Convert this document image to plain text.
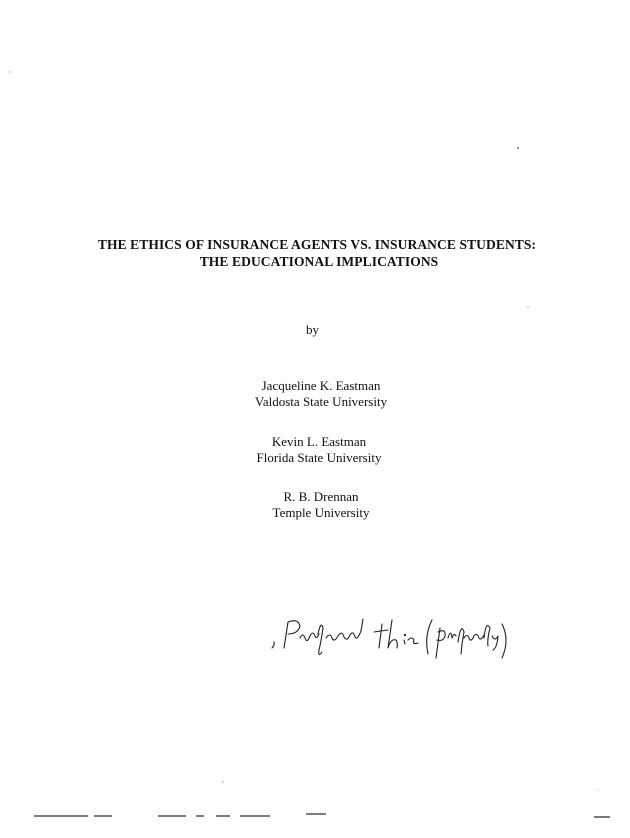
THE ETHICS OF INSURANCE AGENTS VS. INSURANCE STUDENTS:
THE EDUCATIONAL IMPLICATIONS
by
Jacqueline K. Eastman
Valdosta State University
Kevin L. Eastman
Florida State University
R. B. Drennan
Temple University
